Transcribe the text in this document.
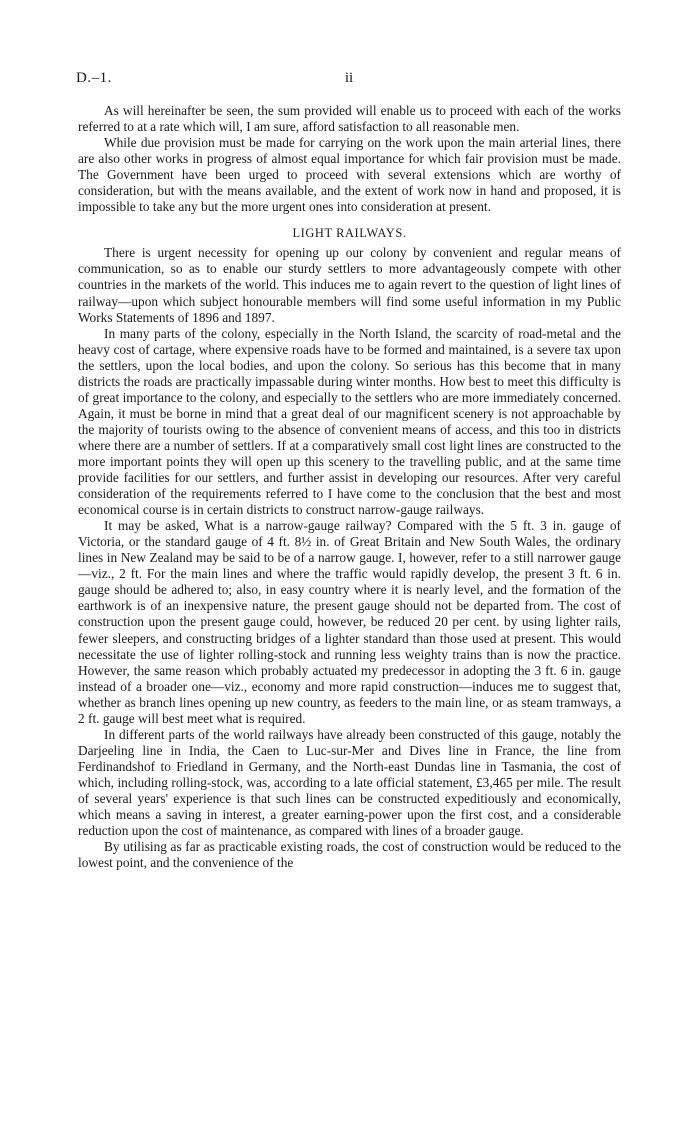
D.–1.	ii

As will hereinafter be seen, the sum provided will enable us to proceed with each of the works referred to at a rate which will, I am sure, afford satisfaction to all reasonable men.

While due provision must be made for carrying on the work upon the main arterial lines, there are also other works in progress of almost equal importance for which fair provision must be made. The Government have been urged to proceed with several extensions which are worthy of consideration, but with the means available, and the extent of work now in hand and proposed, it is impossible to take any but the more urgent ones into consideration at present.

LIGHT RAILWAYS.

There is urgent necessity for opening up our colony by convenient and regular means of communication, so as to enable our sturdy settlers to more advantageously compete with other countries in the markets of the world. This induces me to again revert to the question of light lines of railway—upon which subject honourable members will find some useful information in my Public Works Statements of 1896 and 1897.

In many parts of the colony, especially in the North Island, the scarcity of road-metal and the heavy cost of cartage, where expensive roads have to be formed and maintained, is a severe tax upon the settlers, upon the local bodies, and upon the colony. So serious has this become that in many districts the roads are practically impassable during winter months. How best to meet this difficulty is of great importance to the colony, and especially to the settlers who are more immediately concerned. Again, it must be borne in mind that a great deal of our magnificent scenery is not approachable by the majority of tourists owing to the absence of convenient means of access, and this too in districts where there are a number of settlers. If at a comparatively small cost light lines are constructed to the more important points they will open up this scenery to the travelling public, and at the same time provide facilities for our settlers, and further assist in developing our resources. After very careful consideration of the requirements referred to I have come to the conclusion that the best and most economical course is in certain districts to construct narrow-gauge railways.

It may be asked, What is a narrow-gauge railway? Compared with the 5 ft. 3 in. gauge of Victoria, or the standard gauge of 4 ft. 8½ in. of Great Britain and New South Wales, the ordinary lines in New Zealand may be said to be of a narrow gauge. I, however, refer to a still narrower gauge—viz., 2 ft. For the main lines and where the traffic would rapidly develop, the present 3 ft. 6 in. gauge should be adhered to; also, in easy country where it is nearly level, and the formation of the earthwork is of an inexpensive nature, the present gauge should not be departed from. The cost of construction upon the present gauge could, however, be reduced 20 per cent. by using lighter rails, fewer sleepers, and constructing bridges of a lighter standard than those used at present. This would necessitate the use of lighter rolling-stock and running less weighty trains than is now the practice. However, the same reason which probably actuated my predecessor in adopting the 3 ft. 6 in. gauge instead of a broader one—viz., economy and more rapid construction—induces me to suggest that, whether as branch lines opening up new country, as feeders to the main line, or as steam tramways, a 2 ft. gauge will best meet what is required.

In different parts of the world railways have already been constructed of this gauge, notably the Darjeeling line in India, the Caen to Luc-sur-Mer and Dives line in France, the line from Ferdinandshof to Friedland in Germany, and the North-east Dundas line in Tasmania, the cost of which, including rolling-stock, was, according to a late official statement, £3,465 per mile. The result of several years' experience is that such lines can be constructed expeditiously and economically, which means a saving in interest, a greater earning-power upon the first cost, and a considerable reduction upon the cost of maintenance, as compared with lines of a broader gauge.

By utilising as far as practicable existing roads, the cost of construction would be reduced to the lowest point, and the convenience of the
